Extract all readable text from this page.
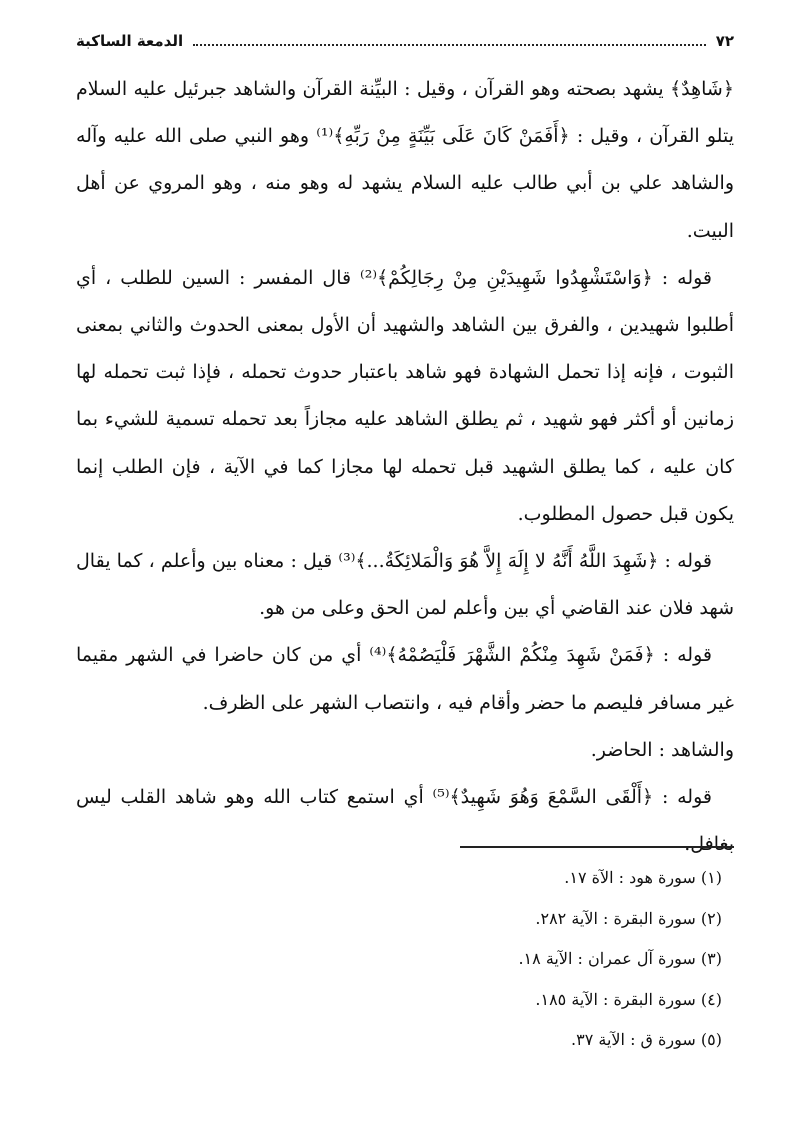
الدمعة الساكبة	٧٢

﴿شَاهِدٌ﴾ يشهد بصحته وهو القرآن ، وقيل : البيِّنة القرآن والشاهد جبرئيل عليه السلام يتلو القرآن ، وقيل : ﴿أَفَمَنْ كَانَ عَلَى بَيِّنَةٍ مِنْ رَبِّهِ﴾⁽¹⁾ وهو النبي صلى الله عليه وآله والشاهد علي بن أبي طالب عليه السلام يشهد له وهو منه ، وهو المروي عن أهل البيت.

قوله : ﴿وَاسْتَشْهِدُوا شَهِيدَيْنِ مِنْ رِجَالِكُمْ﴾⁽²⁾ قال المفسر : السين للطلب ، أي أطلبوا شهيدين ، والفرق بين الشاهد والشهيد أن الأول بمعنى الحدوث والثاني بمعنى الثبوت ، فإنه إذا تحمل الشهادة فهو شاهد باعتبار حدوث تحمله ، فإذا ثبت تحمله لها زمانين أو أكثر فهو شهيد ، ثم يطلق الشاهد عليه مجازاً بعد تحمله تسمية للشيء بما كان عليه ، كما يطلق الشهيد قبل تحمله لها مجازا كما في الآية ، فإن الطلب إنما يكون قبل حصول المطلوب.

قوله : ﴿شَهِدَ اللَّهُ أَنَّهُ لا إِلَهَ إِلاَّ هُوَ وَالْمَلائِكَةُ...﴾⁽³⁾ قيل : معناه بين وأعلم ، كما يقال شهد فلان عند القاضي أي بين وأعلم لمن الحق وعلى من هو.

قوله : ﴿فَمَنْ شَهِدَ مِنْكُمْ الشَّهْرَ فَلْيَصُمْهُ﴾⁽⁴⁾ أي من كان حاضرا في الشهر مقيما غير مسافر فليصم ما حضر وأقام فيه ، وانتصاب الشهر على الظرف.

والشاهد : الحاضر.

قوله : ﴿أَلْقَى السَّمْعَ وَهُوَ شَهِيدٌ﴾⁽⁵⁾ أي استمع كتاب الله وهو شاهد القلب ليس بغافل.

(١) سورة هود : الآة ١٧.

(٢) سورة البقرة : الآية ٢٨٢.

(٣) سورة آل عمران : الآية ١٨.

(٤) سورة البقرة : الآية ١٨٥.

(٥) سورة ق : الآية ٣٧.
